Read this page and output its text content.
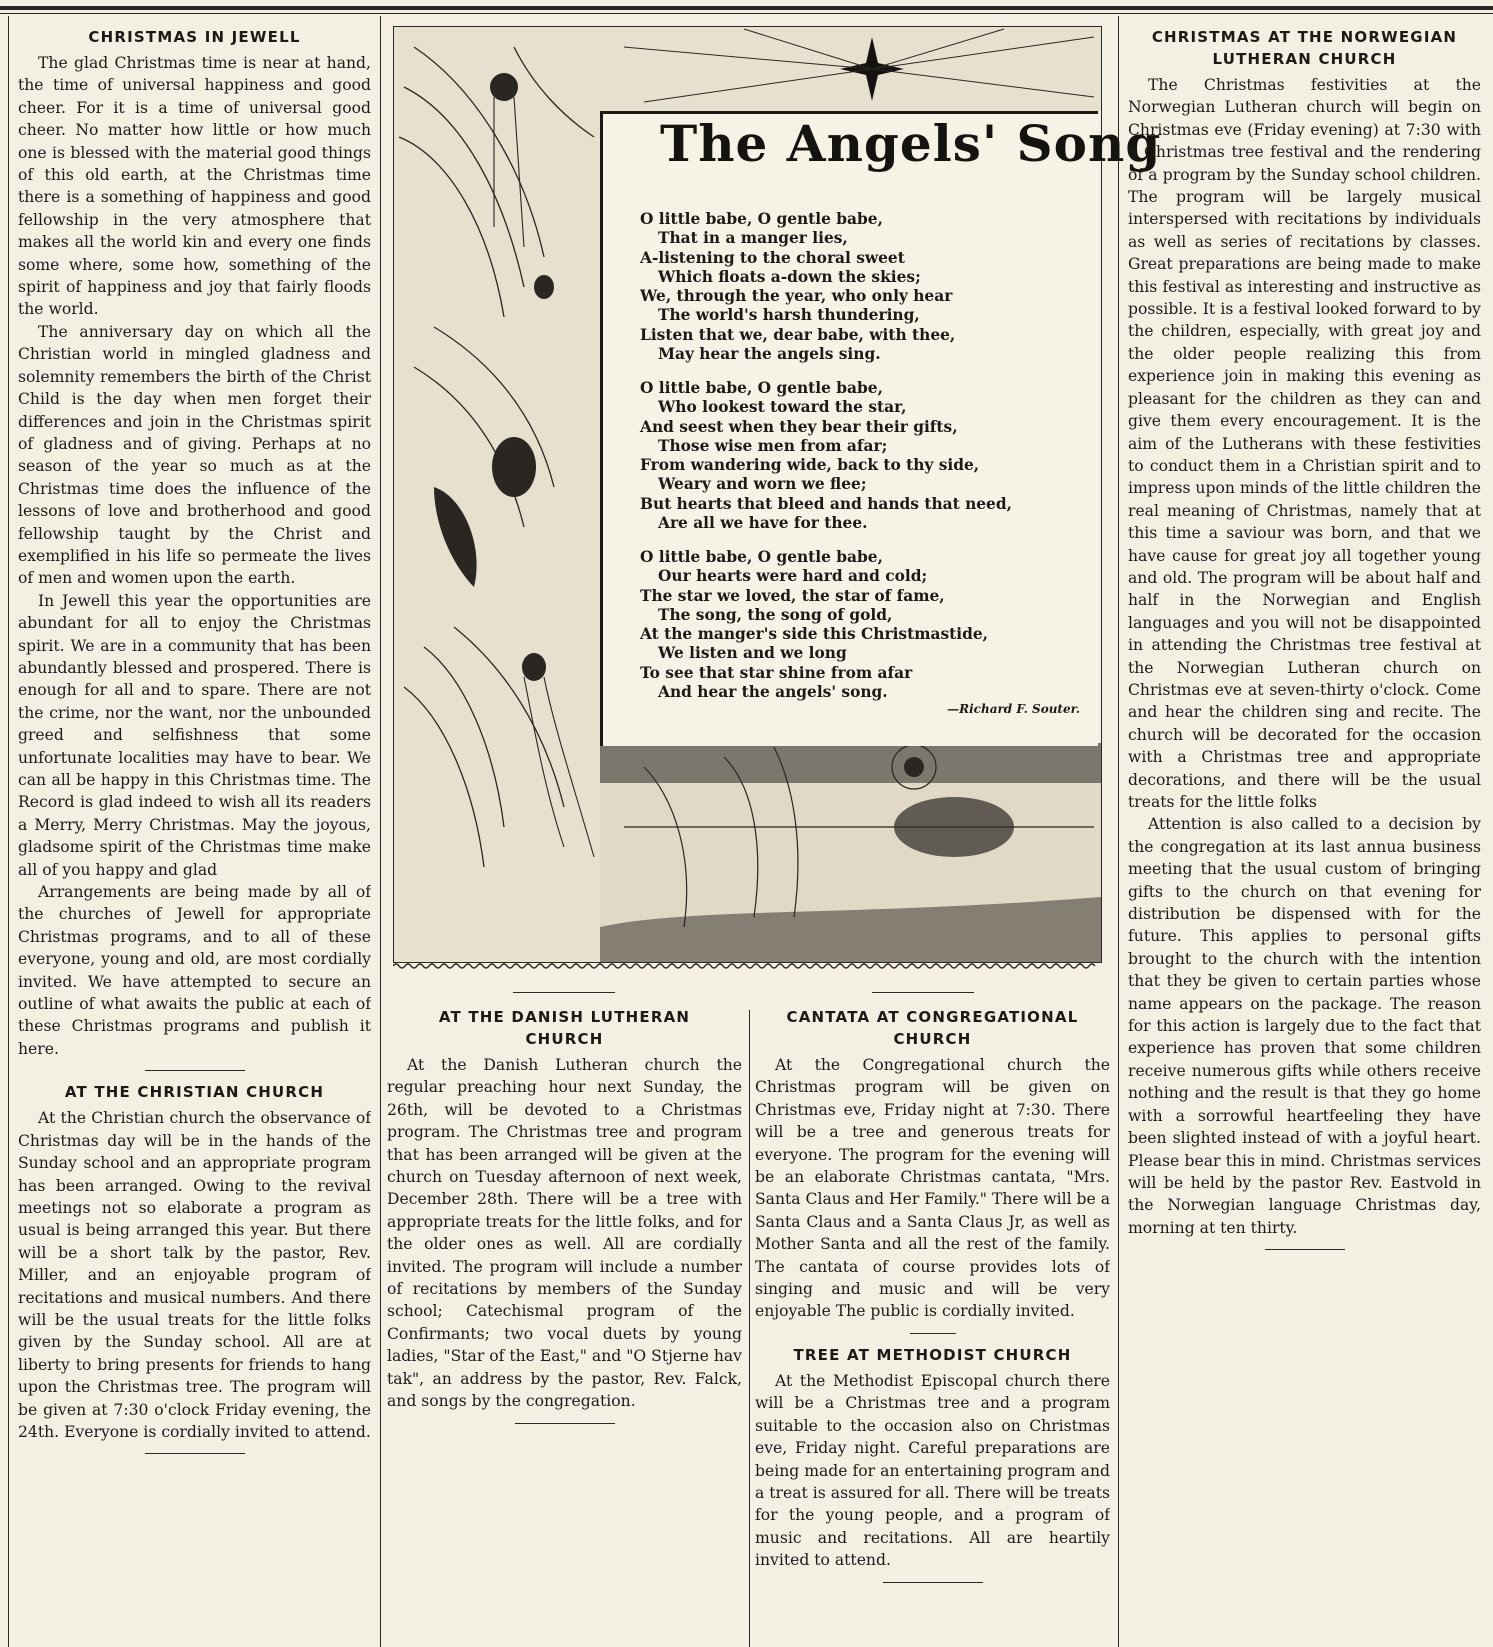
CHRISTMAS IN JEWELL

The glad Christmas time is near at hand, the time of universal happiness and good cheer. For it is a time of universal good cheer. No matter how little or how much one is blessed with the material good things of this old earth, at the Christmas time there is a something of happiness and good fellowship in the very atmosphere that makes all the world kin and every one finds some where, some how, something of the spirit of happiness and joy that fairly floods the world.

The anniversary day on which all the Christian world in mingled gladness and solemnity remembers the birth of the Christ Child is the day when men forget their differences and join in the Christmas spirit of gladness and of giving. Perhaps at no season of the year so much as at the Christmas time does the influence of the lessons of love and brotherhood and good fellowship taught by the Christ and exemplified in his life so permeate the lives of men and women upon the earth.

In Jewell this year the opportunities are abundant for all to enjoy the Christmas spirit. We are in a community that has been abundantly blessed and prospered. There is enough for all and to spare. There are not the crime, nor the want, nor the unbounded greed and selfishness that some unfortunate localities may have to bear. We can all be happy in this Christmas time. The Record is glad indeed to wish all its readers a Merry, Merry Christmas. May the joyous, gladsome spirit of the Christmas time make all of you happy and glad

Arrangements are being made by all of the churches of Jewell for appropriate Christmas programs, and to all of these everyone, young and old, are most cordially invited. We have attempted to secure an outline of what awaits the public at each of these Christmas programs and publish it here.

AT THE CHRISTIAN CHURCH

At the Christian church the observance of Christmas day will be in the hands of the Sunday school and an appropriate program has been arranged. Owing to the revival meetings not so elaborate a program as usual is being arranged this year. But there will be a short talk by the pastor, Rev. Miller, and an enjoyable program of recitations and musical numbers. And there will be the usual treats for the little folks given by the Sunday school. All are at liberty to bring presents for friends to hang upon the Christmas tree. The program will be given at 7:30 o'clock Friday evening, the 24th. Everyone is cordially invited to attend.

The Angels' Song
O little babe, O gentle babe,
That in a manger lies,
A-listening to the choral sweet
Which floats a-down the skies;
We, through the year, who only hear
The world's harsh thundering,
Listen that we, dear babe, with thee,
May hear the angels sing.
O little babe, O gentle babe,
Who lookest toward the star,
And seest when they bear their gifts,
Those wise men from afar;
From wandering wide, back to thy side,
Weary and worn we flee;
But hearts that bleed and hands that need,
Are all we have for thee.
O little babe, O gentle babe,
Our hearts were hard and cold;
The star we loved, the star of fame,
The song, the song of gold,
At the manger's side this Christmastide,
We listen and we long
To see that star shine from afar
And hear the angels' song.
—Richard F. Souter.
AT THE DANISH LUTHERAN CHURCH

At the Danish Lutheran church the regular preaching hour next Sunday, the 26th, will be devoted to a Christmas program. The Christmas tree and program that has been arranged will be given at the church on Tuesday afternoon of next week, December 28th. There will be a tree with appropriate treats for the little folks, and for the older ones as well. All are cordially invited. The program will include a number of recitations by members of the Sunday school; Catechismal program of the Confirmants; two vocal duets by young ladies, "Star of the East," and "O Stjerne hav tak", an address by the pastor, Rev. Falck, and songs by the congregation.

CANTATA AT CONGREGATIONAL CHURCH

At the Congregational church the Christmas program will be given on Christmas eve, Friday night at 7:30. There will be a tree and generous treats for everyone. The program for the evening will be an elaborate Christmas cantata, "Mrs. Santa Claus and Her Family." There will be a Santa Claus and a Santa Claus Jr, as well as Mother Santa and all the rest of the family. The cantata of course provides lots of singing and music and will be very enjoyable The public is cordially invited.

TREE AT METHODIST CHURCH

At the Methodist Episcopal church there will be a Christmas tree and a program suitable to the occasion also on Christmas eve, Friday night. Careful preparations are being made for an entertaining program and a treat is assured for all. There will be treats for the young people, and a program of music and recitations. All are heartily invited to attend.

CHRISTMAS AT THE NORWEGIAN LUTHERAN CHURCH

The Christmas festivities at the Norwegian Lutheran church will begin on Christmas eve (Friday evening) at 7:30 with a Christmas tree festival and the rendering of a program by the Sunday school children. The program will be largely musical interspersed with recitations by individuals as well as series of recitations by classes. Great preparations are being made to make this festival as interesting and instructive as possible. It is a festival looked forward to by the children, especially, with great joy and the older people realizing this from experience join in making this evening as pleasant for the children as they can and give them every encouragement. It is the aim of the Lutherans with these festivities to conduct them in a Christian spirit and to impress upon minds of the little children the real meaning of Christmas, namely that at this time a saviour was born, and that we have cause for great joy all together young and old. The program will be about half and half in the Norwegian and English languages and you will not be disappointed in attending the Christmas tree festival at the Norwegian Lutheran church on Christmas eve at seven-thirty o'clock. Come and hear the children sing and recite. The church will be decorated for the occasion with a Christmas tree and appropriate decorations, and there will be the usual treats for the little folks

Attention is also called to a decision by the congregation at its last annua business meeting that the usual custom of bringing gifts to the church on that evening for distribution be dispensed with for the future. This applies to personal gifts brought to the church with the intention that they be given to certain parties whose name appears on the package. The reason for this action is largely due to the fact that experience has proven that some children receive numerous gifts while others receive nothing and the result is that they go home with a sorrowful heartfeeling they have been slighted instead of with a joyful heart. Please bear this in mind. Christmas services will be held by the pastor Rev. Eastvold in the Norwegian language Christmas day, morning at ten thirty.
